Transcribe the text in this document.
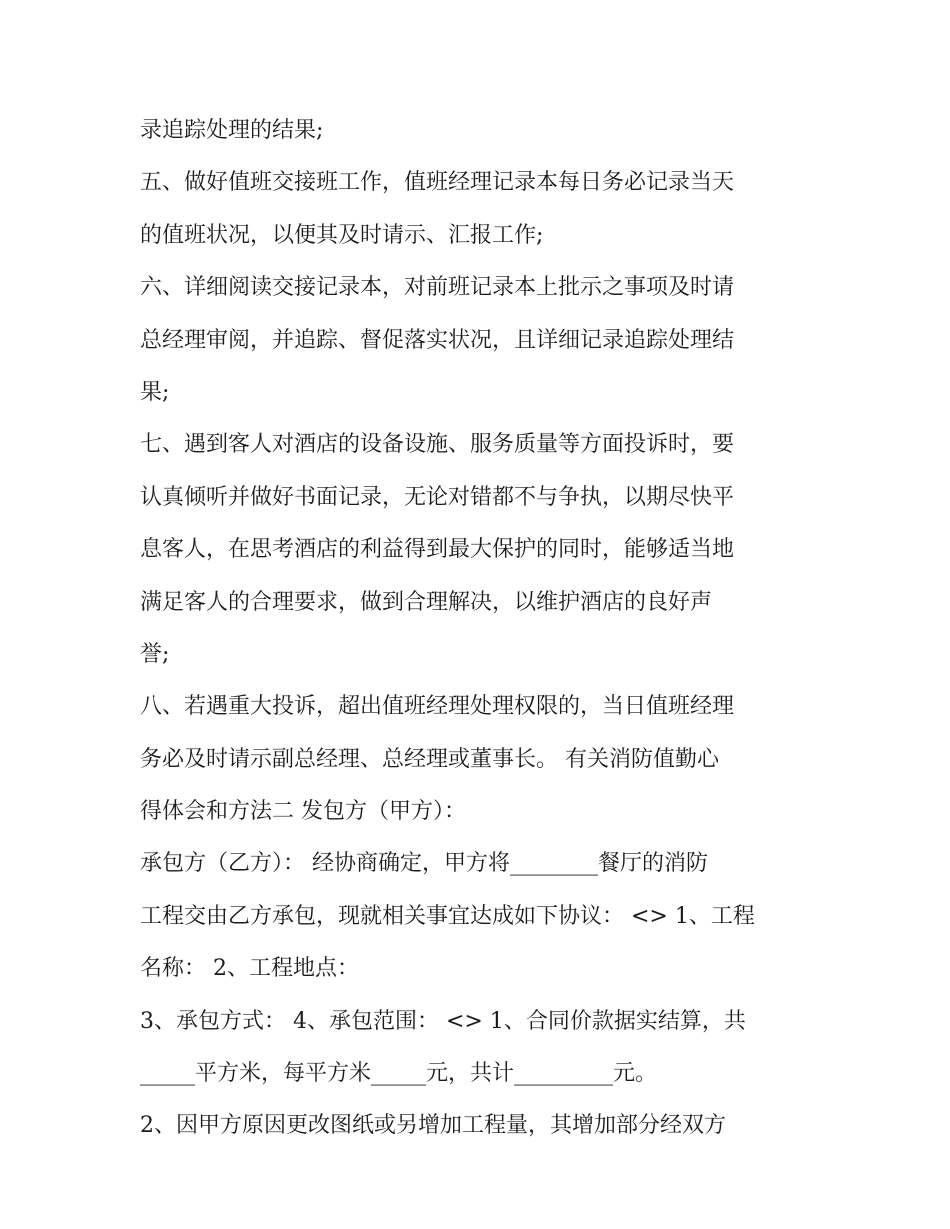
录追踪处理的结果;
五、做好值班交接班工作，值班经理记录本每日务必记录当天
的值班状况，以便其及时请示、汇报工作;
六、详细阅读交接记录本，对前班记录本上批示之事项及时请
总经理审阅，并追踪、督促落实状况，且详细记录追踪处理结
果;
七、遇到客人对酒店的设备设施、服务质量等方面投诉时，要
认真倾听并做好书面记录，无论对错都不与争执，以期尽快平
息客人，在思考酒店的利益得到最大保护的同时，能够适当地
满足客人的合理要求，做到合理解决，以维护酒店的良好声
誉;
八、若遇重大投诉，超出值班经理处理权限的，当日值班经理
务必及时请示副总经理、总经理或董事长。 有关消防值勤心
得体会和方法二 发包方（甲方）：
承包方（乙方）： 经协商确定，甲方将________餐厅的消防
工程交由乙方承包，现就相关事宜达成如下协议： <> 1、工程
名称： 2、工程地点：
3、承包方式： 4、承包范围： <> 1、合同价款据实结算，共
_____平方米，每平方米_____元，共计_________元。
2、因甲方原因更改图纸或另增加工程量，其增加部分经双方
